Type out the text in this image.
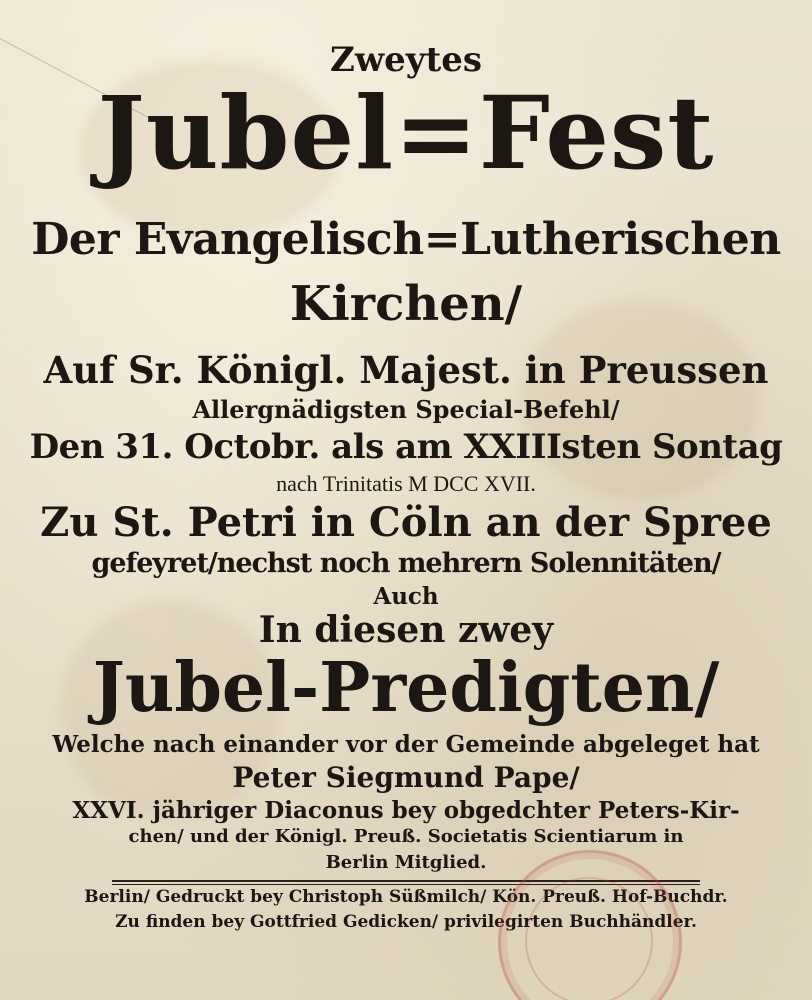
Zweytes
Jubel=Fest
Der Evangelisch=Lutherischen
Kirchen/
Auf Sr. Königl. Majest. in Preussen
Allergnädigsten Special-Befehl/
Den 31. Octobr. als am XXIIIsten Sontag
nach Trinitatis M DCC XVII.
Zu St. Petri in Cöln an der Spree
gefeyret/nechst noch mehrern Solennitäten/
Auch
In diesen zwey
Jubel-Predigten/
Welche nach einander vor der Gemeinde abgeleget hat
Peter Siegmund Pape/
XXVI. jähriger Diaconus bey obgedchter Peters-Kir-
chen/ und der Königl. Preuß. Societatis Scientiarum in
Berlin Mitglied.
Berlin/ Gedruckt bey Christoph Süßmilch/ Kön. Preuß. Hof-Buchdr.
Zu finden bey Gottfried Gedicken/ privilegirten Buchhändler.
